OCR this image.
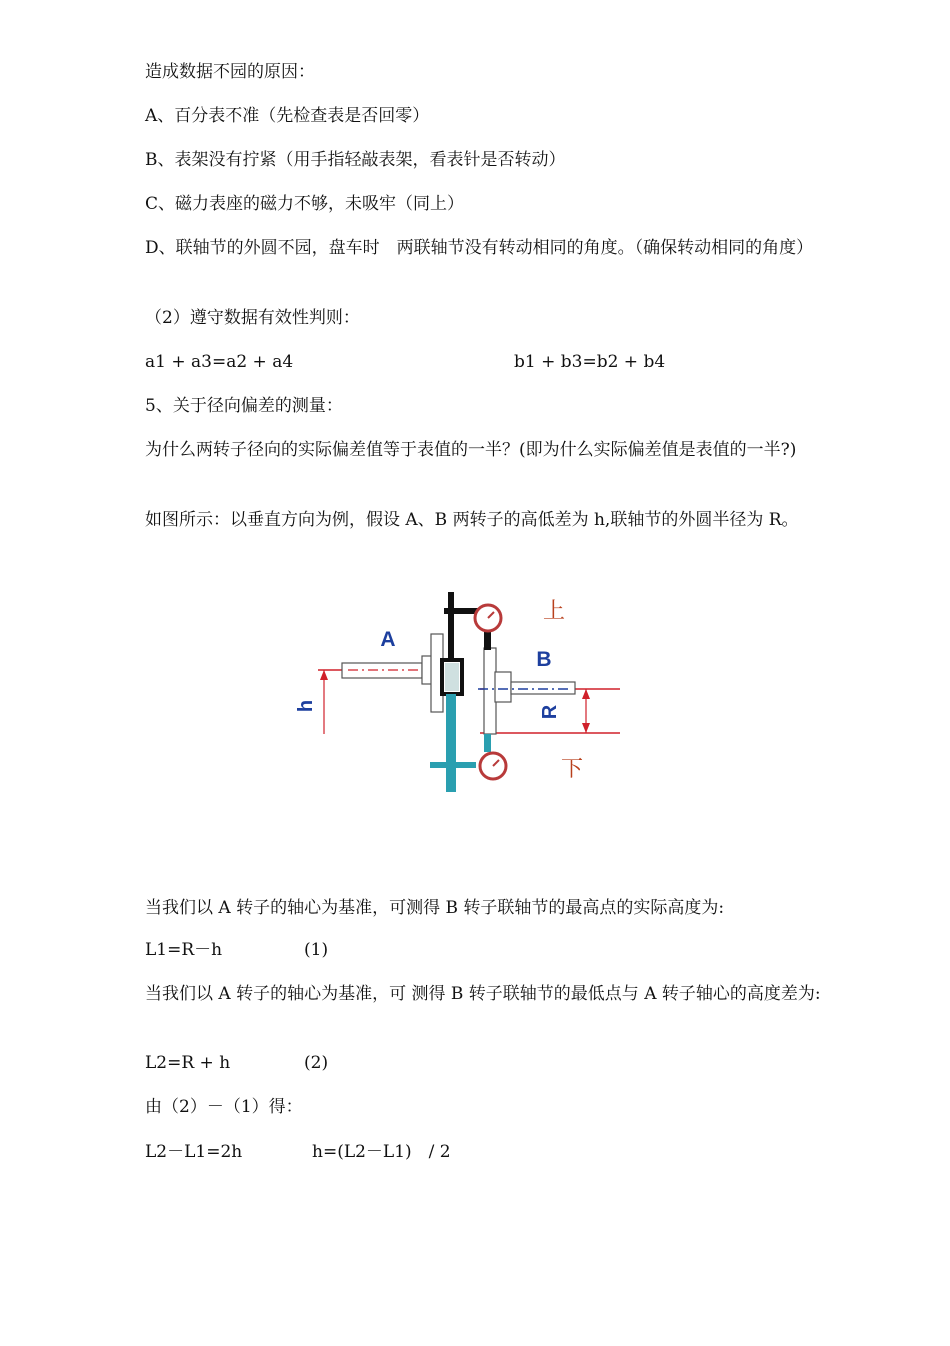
造成数据不园的原因：
A、百分表不准（先检查表是否回零）
B、表架没有拧紧（用手指轻敲表架，看表针是否转动）
C、磁力表座的磁力不够，未吸牢（同上）
D、联轴节的外圆不园，盘车时　两联轴节没有转动相同的角度。（确保转动相同的角度）
（2）遵守数据有效性判则：
a1 + a3=a2 + a4	b1 + b3=b2 + b4
5、关于径向偏差的测量：
为什么两转子径向的实际偏差值等于表值的一半？(即为什么实际偏差值是表值的一半?)
如图所示：以垂直方向为例，假设 A、B 两转子的高低差为 h,联轴节的外圆半径为 R。
h	R
A
B
上
下
当我们以 A 转子的轴心为基准，可测得 B 转子联轴节的最高点的实际高度为:
L1=R－h	(1)
当我们以 A 转子的轴心为基准，可 测得 B 转子联轴节的最低点与 A 转子轴心的高度差为:
L2=R + h	(2)
由（2）－（1）得：
L2－L1=2h	h=(L2－L1)　/ 2
